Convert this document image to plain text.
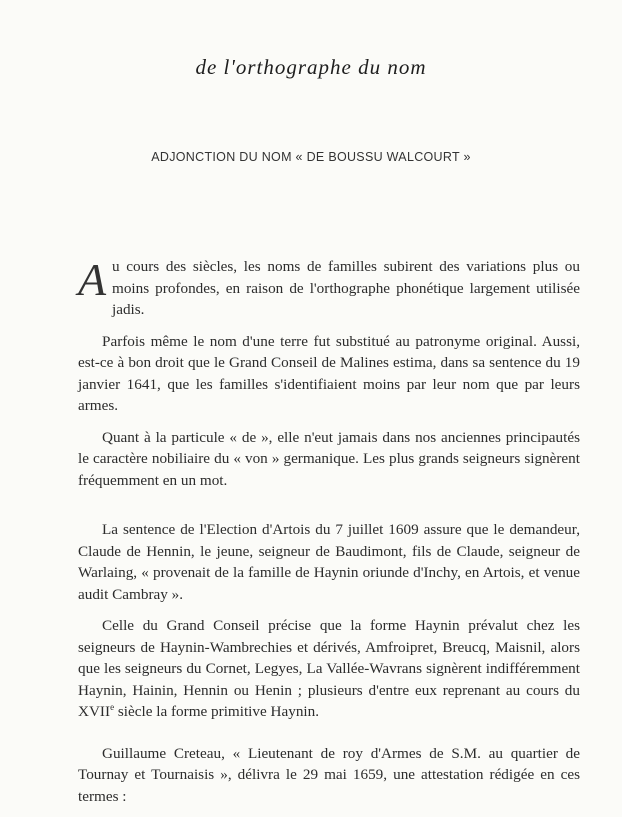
de l'orthographe du nom
ADJONCTION DU NOM « DE BOUSSU WALCOURT »

Au cours des siècles, les noms de familles subirent des variations plus ou moins profondes, en raison de l'orthographe phonétique largement utilisée jadis.

Parfois même le nom d'une terre fut substitué au patronyme original. Aussi, est-ce à bon droit que le Grand Conseil de Malines estima, dans sa sentence du 19 janvier 1641, que les familles s'identifiaient moins par leur nom que par leurs armes.

Quant à la particule « de », elle n'eut jamais dans nos anciennes principautés le caractère nobiliaire du « von » germanique. Les plus grands seigneurs signèrent fréquemment en un mot.

La sentence de l'Election d'Artois du 7 juillet 1609 assure que le demandeur, Claude de Hennin, le jeune, seigneur de Baudimont, fils de Claude, seigneur de Warlaing, « provenait de la famille de Haynin oriunde d'Inchy, en Artois, et venue audit Cambray ».

Celle du Grand Conseil précise que la forme Haynin prévalut chez les seigneurs de Haynin-Wambrechies et dérivés, Amfroipret, Breucq, Maisnil, alors que les seigneurs du Cornet, Legyes, La Vallée-Wavrans signèrent indifféremment Haynin, Hainin, Hennin ou Henin ; plusieurs d'entre eux reprenant au cours du XVIIe siècle la forme primitive Haynin.

Guillaume Creteau, « Lieutenant de roy d'Armes de S.M. au quartier de Tournay et Tournaisis », délivra le 29 mai 1659, une attestation rédigée en ces termes :
